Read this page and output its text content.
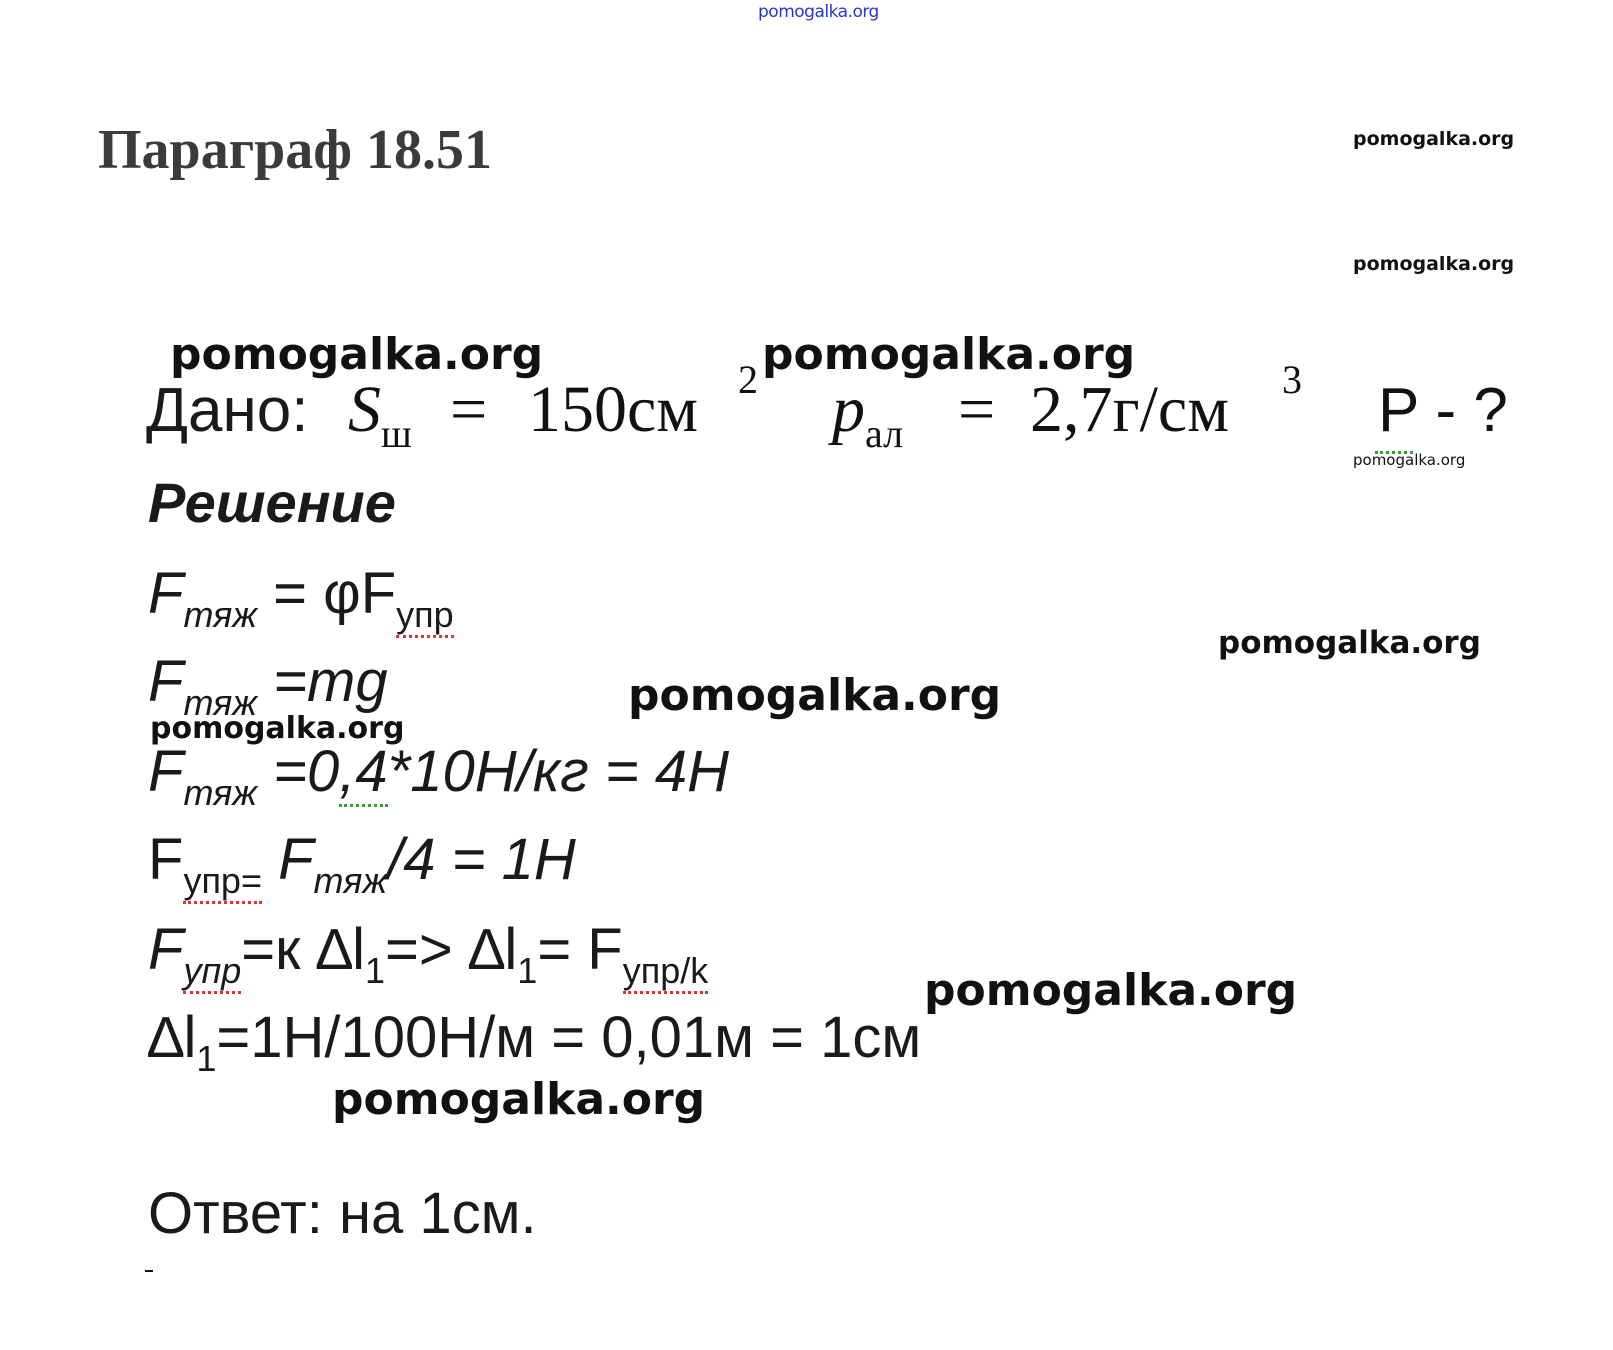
pomogalka.org
pomogalka.org
pomogalka.org
pomogalka.org
pomogalka.org	pomogalka.org
pomogalka.org
pomogalka.org
pomogalka.org
pomogalka.org
pomogalka.org
Параграф 18.51
Дано: $S_ш = 150см$ 2 $p_{ал} = 2,7г/см$ 3 P - ?
Решение
$F_{тяж} = \varphi F_{упр}$
$F_{тяж} =mg$
$F_{тяж} =0,4*10Н/кг = 4Н$
$F_{упр=}$ $F_{тяж}/4 = 1Н$
$F_{упр}=к$ $\Delta l_1=> \Delta l_1= F_{упр/k}$
$\Delta l_1=1Н/100Н/м = 0,01м = 1см$
Ответ: на 1см.
